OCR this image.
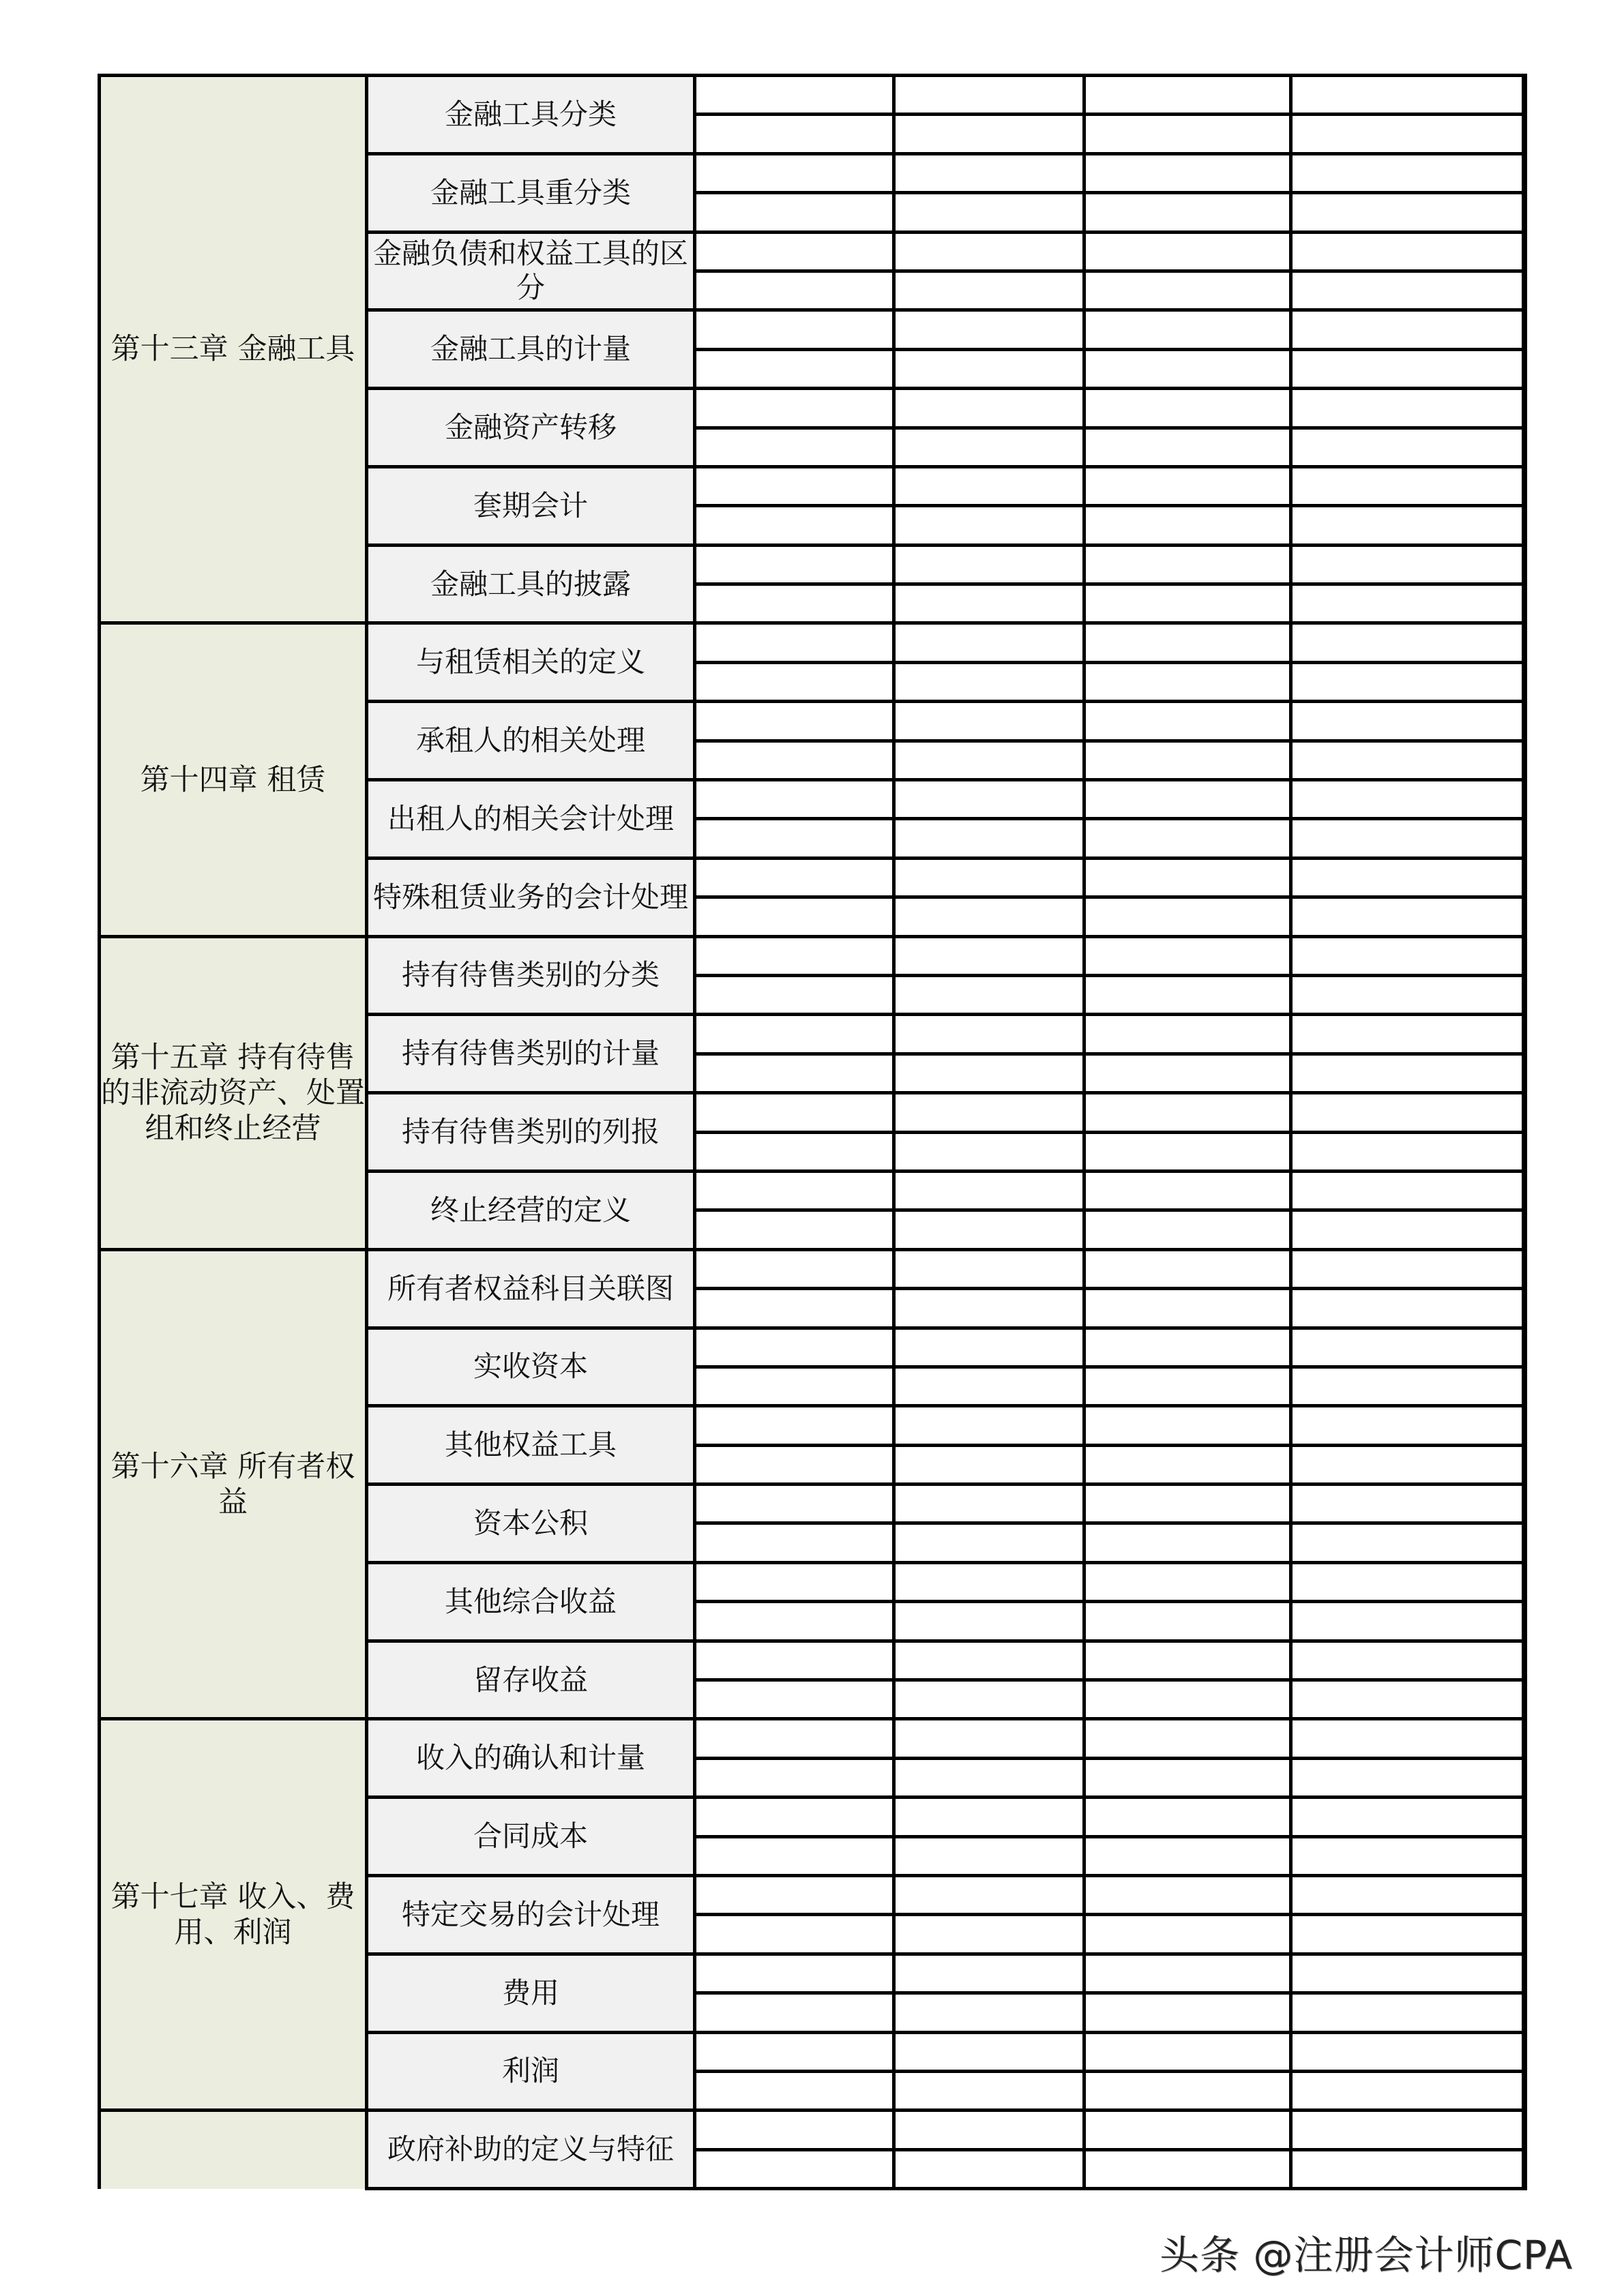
第十三章 金融工具	金融工具分类				

	金融工具重分类				

	金融负债和权益工具的区分				

	金融工具的计量				

	金融资产转移				

	套期会计				

	金融工具的披露				

第十四章 租赁	与租赁相关的定义				

	承租人的相关处理				

	出租人的相关会计处理				

	特殊租赁业务的会计处理				

第十五章 持有待售的非流动资产、处置组和终止经营	持有待售类别的分类				

	持有待售类别的计量				

	持有待售类别的列报				

	终止经营的定义				

第十六章 所有者权益	所有者权益科目关联图				

	实收资本				

	其他权益工具				

	资本公积				

	其他综合收益				

	留存收益				

第十七章 收入、费用、利润	收入的确认和计量				

	合同成本				

	特定交易的会计处理				

	费用				

	利润				

	政府补助的定义与特征				

头条 @注册会计师CPA
